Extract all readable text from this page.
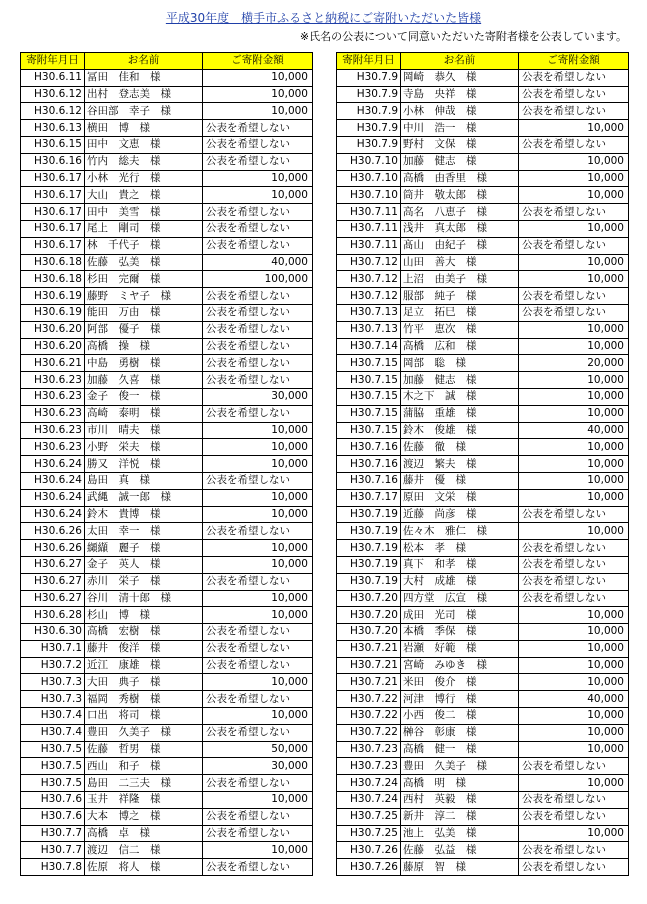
平成30年度　横手市ふるさと納税にご寄附いただいた皆様
※氏名の公表について同意いただいた寄附者様を公表しています。
寄附年月日	お名前	ご寄附金額
H30.6.11	冨田　佳和　様	10,000
H30.6.12	出村　登志美　様	10,000
H30.6.12	谷田部　幸子　様	10,000
H30.6.13	横田　博　様	公表を希望しない
H30.6.15	田中　文恵　様	公表を希望しない
H30.6.16	竹内　総夫　様	公表を希望しない
H30.6.17	小林　光行　様	10,000
H30.6.17	大山　貴之　様	10,000
H30.6.17	田中　美雪　様	公表を希望しない
H30.6.17	尾上　剛司　様	公表を希望しない
H30.6.17	林　千代子　様	公表を希望しない
H30.6.18	佐藤　弘美　様	40,000
H30.6.18	杉田　完爾　様	100,000
H30.6.19	藤野　ミヤ子　様	公表を希望しない
H30.6.19	能田　万由　様	公表を希望しない
H30.6.20	阿部　優子　様	公表を希望しない
H30.6.20	高橋　操　様	公表を希望しない
H30.6.21	中島　勇樹　様	公表を希望しない
H30.6.23	加藤　久喜　様	公表を希望しない
H30.6.23	金子　俊一　様	30,000
H30.6.23	高崎　泰明　様	公表を希望しない
H30.6.23	市川　晴夫　様	10,000
H30.6.23	小野　栄夫　様	10,000
H30.6.24	勝又　洋悦　様	10,000
H30.6.24	島田　真　様	公表を希望しない
H30.6.24	武縄　誠一郎　様	10,000
H30.6.24	鈴木　貴博　様	10,000
H30.6.26	太田　幸一　様	公表を希望しない
H30.6.26	纐纈　麗子　様	10,000
H30.6.27	金子　英人　様	10,000
H30.6.27	赤川　栄子　様	公表を希望しない
H30.6.27	谷川　清十郎　様	10,000
H30.6.28	杉山　博　様	10,000
H30.6.30	高橋　宏樹　様	公表を希望しない
H30.7.1	藤井　俊洋　様	公表を希望しない
H30.7.2	近江　康雄　様	公表を希望しない
H30.7.3	大田　典子　様	10,000
H30.7.3	福岡　秀樹　様	公表を希望しない
H30.7.4	口出　将司　様	10,000
H30.7.4	豊田　久美子　様	公表を希望しない
H30.7.5	佐藤　哲男　様	50,000
H30.7.5	西山　和子　様	30,000
H30.7.5	島田　二三夫　様	公表を希望しない
H30.7.6	玉井　祥隆　様	10,000
H30.7.6	大本　博之　様	公表を希望しない
H30.7.7	高橋　卓　様	公表を希望しない
H30.7.7	渡辺　信二　様	10,000
H30.7.8	佐原　将人　様	公表を希望しない
寄附年月日	お名前	ご寄附金額
H30.7.9	岡崎　恭久　様	公表を希望しない
H30.7.9	寺島　央祥　様	公表を希望しない
H30.7.9	小林　伸哉　様	公表を希望しない
H30.7.9	中川　浩一　様	10,000
H30.7.9	野村　文保　様	公表を希望しない
H30.7.10	加藤　健志　様	10,000
H30.7.10	高橋　由香里　様	10,000
H30.7.10	筒井　敬太郎　様	10,000
H30.7.11	高名　八恵子　様	公表を希望しない
H30.7.11	浅井　真太郎　様	10,000
H30.7.11	髙山　由紀子　様	公表を希望しない
H30.7.12	山田　善大　様	10,000
H30.7.12	上沼　由美子　様	10,000
H30.7.12	服部　純子　様	公表を希望しない
H30.7.13	足立　拓巳　様	公表を希望しない
H30.7.13	竹平　恵次　様	10,000
H30.7.14	高橋　広和　様	10,000
H30.7.15	岡部　聡　様	20,000
H30.7.15	加藤　健志　様	10,000
H30.7.15	木之下　誠　様	10,000
H30.7.15	蒲脇　重雄　様	10,000
H30.7.15	鈴木　俊雄　様	40,000
H30.7.16	佐藤　徹　様	10,000
H30.7.16	渡辺　繁夫　様	10,000
H30.7.16	藤井　優　様	10,000
H30.7.17	原田　文栄　様	10,000
H30.7.19	近藤　尚彦　様	公表を希望しない
H30.7.19	佐々木　雅仁　様	10,000
H30.7.19	松本　孝　様	公表を希望しない
H30.7.19	真下　和孝　様	公表を希望しない
H30.7.19	大村　成雄　様	公表を希望しない
H30.7.20	四方堂　広宣　様	公表を希望しない
H30.7.20	成田　光司　様	10,000
H30.7.20	本橋　季保　様	10,000
H30.7.21	岩瀬　好範　様	10,000
H30.7.21	宮崎　みゆき　様	10,000
H30.7.21	米田　俊介　様	10,000
H30.7.22	河津　博行　様	40,000
H30.7.22	小西　俊二　様	10,000
H30.7.22	榊谷　彰康　様	10,000
H30.7.23	高橋　健一　様	10,000
H30.7.23	豊田　久美子　様	公表を希望しない
H30.7.24	高橋　明　様	10,000
H30.7.24	西村　英毅　様	公表を希望しない
H30.7.25	新井　淳二　様	公表を希望しない
H30.7.25	池上　弘美　様	10,000
H30.7.26	佐藤　弘益　様	公表を希望しない
H30.7.26	藤原　智　様	公表を希望しない
